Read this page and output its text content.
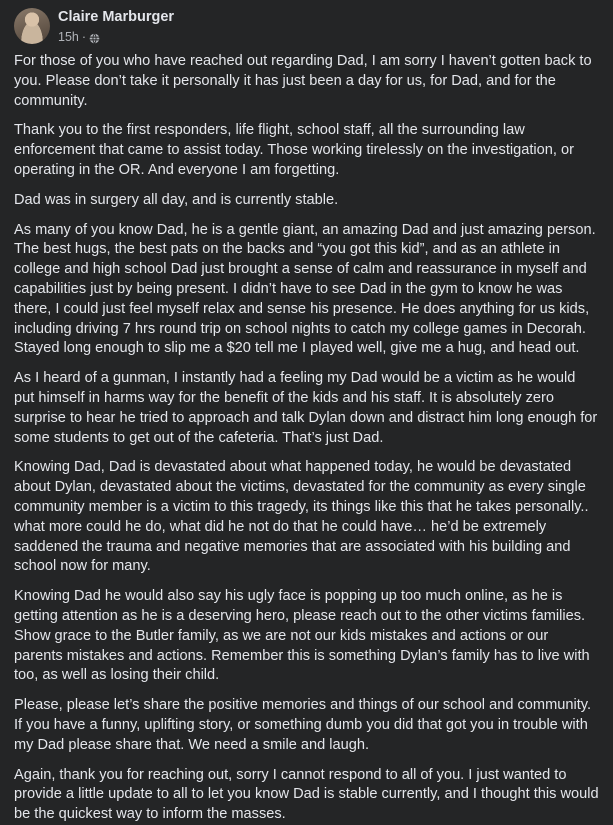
Claire Marburger
15h ·

For those of you who have reached out regarding Dad, I am sorry I haven’t gotten back to you. Please don’t take it personally it has just been a day for us, for Dad, and for the community.

Thank you to the first responders, life flight, school staff, all the surrounding law enforcement that came to assist today. Those working tirelessly on the investigation, or operating in the OR. And everyone I am forgetting.

Dad was in surgery all day, and is currently stable.

As many of you know Dad, he is a gentle giant, an amazing Dad and just amazing person. The best hugs, the best pats on the backs and “you got this kid”, and as an athlete in college and high school Dad just brought a sense of calm and reassurance in myself and capabilities just by being present. I didn’t have to see Dad in the gym to know he was there, I could just feel myself relax and sense his presence. He does anything for us kids, including driving 7 hrs round trip on school nights to catch my college games in Decorah. Stayed long enough to slip me a $20 tell me I played well, give me a hug, and head out.

As I heard of a gunman, I instantly had a feeling my Dad would be a victim as he would put himself in harms way for the benefit of the kids and his staff. It is absolutely zero surprise to hear he tried to approach and talk Dylan down and distract him long enough for some students to get out of the cafeteria. That’s just Dad.

Knowing Dad, Dad is devastated about what happened today, he would be devastated about Dylan, devastated about the victims, devastated for the community as every single community member is a victim to this tragedy, its things like this that he takes personally.. what more could he do, what did he not do that he could have… he’d be extremely saddened the trauma and negative memories that are associated with his building and school now for many.

Knowing Dad he would also say his ugly face is popping up too much online, as he is getting attention as he is a deserving hero, please reach out to the other victims families. Show grace to the Butler family, as we are not our kids mistakes and actions or our parents mistakes and actions. Remember this is something Dylan’s family has to live with too, as well as losing their child.

Please, please let’s share the positive memories and things of our school and community. If you have a funny, uplifting story, or something dumb you did that got you in trouble with my Dad please share that. We need a smile and laugh.

Again, thank you for reaching out, sorry I cannot respond to all of you. I just wanted to provide a little update to all to let you know Dad is stable currently, and I thought this would be the quickest way to inform the masses.
